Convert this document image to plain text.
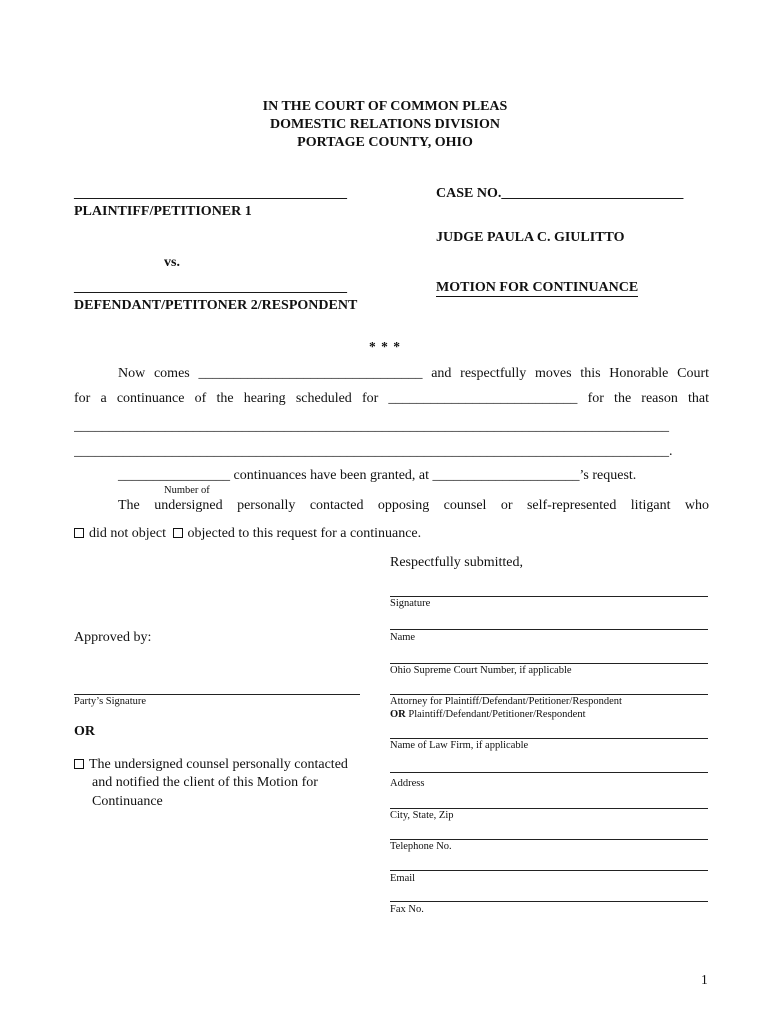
IN THE COURT OF COMMON PLEAS
DOMESTIC RELATIONS DIVISION
PORTAGE COUNTY, OHIO
_______________________________________
PLAINTIFF/PETITIONER 1
vs.
_______________________________________
DEFENDANT/PETITONER 2/RESPONDENT
CASE NO.__________________________
JUDGE PAULA C. GIULITTO
MOTION FOR CONTINUANCE
* * *
Now comes ________________________________ and respectfully moves this Honorable Court
for a continuance of the hearing scheduled for ___________________________ for the reason that
_____________________________________________________________________________________
_____________________________________________________________________________________.
________________ continuances have been granted, at _____________________’s request.
Number of
The undersigned personally contacted opposing counsel or self-represented litigant who
did not object objected to this request for a continuance.
Respectfully submitted,
Signature
Name
Ohio Supreme Court Number, if applicable
Attorney for Plaintiff/Defendant/Petitioner/Respondent
OR Plaintiff/Defendant/Petitioner/Respondent
Name of Law Firm, if applicable
Address
City, State, Zip
Telephone No.
Email
Fax No.
Approved by:
Party’s Signature
OR
The undersigned counsel personally contacted
and notified the client of this Motion for
Continuance
1
